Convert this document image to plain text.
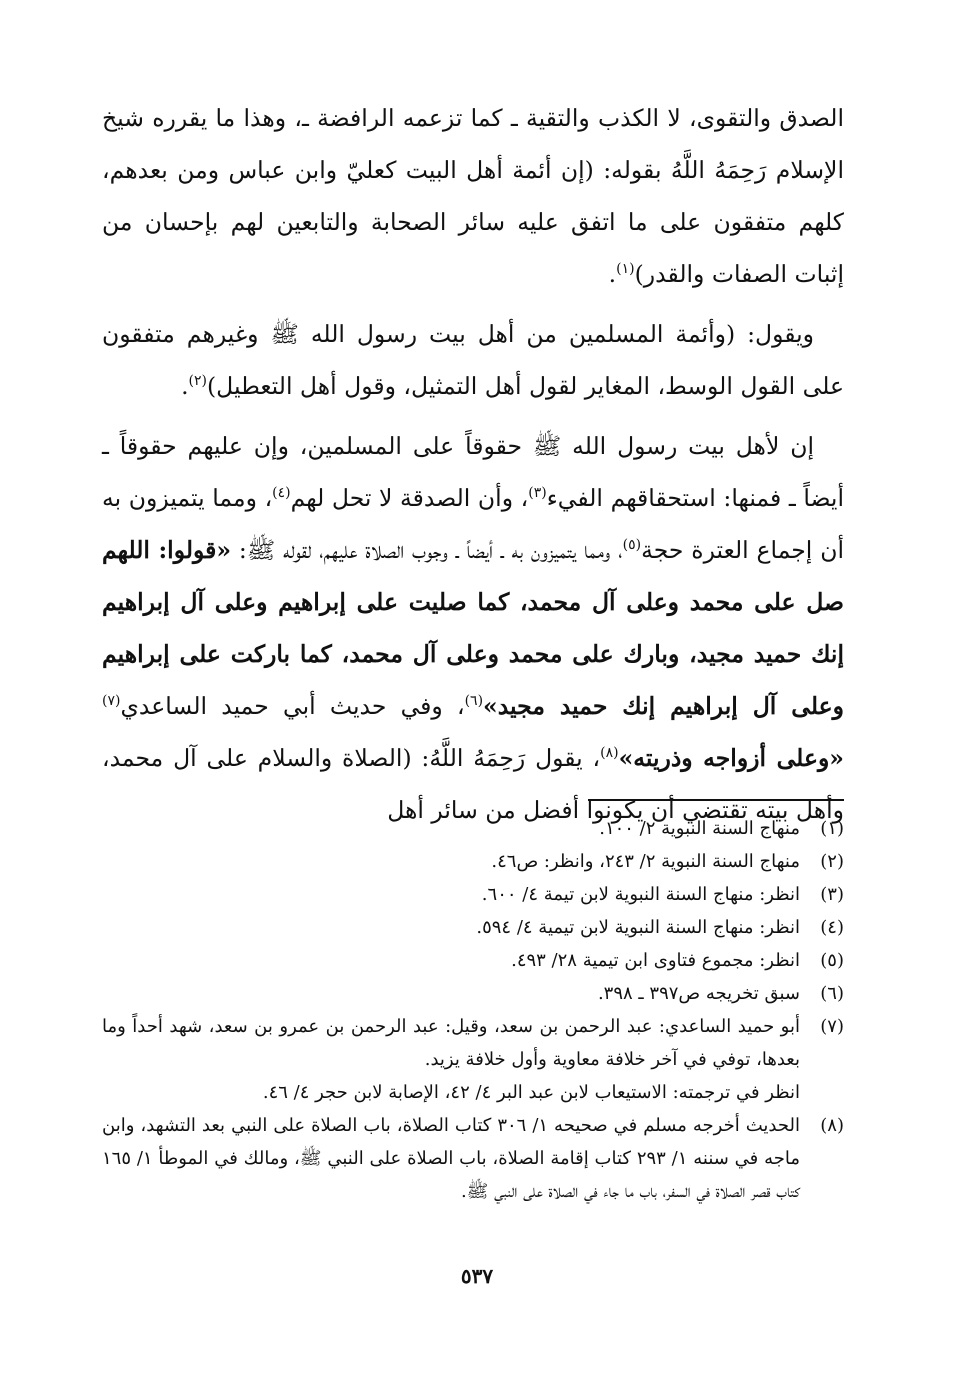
الصدق والتقوى، لا الكذب والتقية ـ كما تزعمه الرافضة ـ، وهذا ما يقرره شيخ الإسلام رَحِمَهُ اللَّهُ بقوله: (إن أئمة أهل البيت كعليّ وابن عباس ومن بعدهم، كلهم متفقون على ما اتفق عليه سائر الصحابة والتابعين لهم بإحسان من إثبات الصفات والقدر)$^{(١)}$.

ويقول: (وأئمة المسلمين من أهل بيت رسول الله ﷺ وغيرهم متفقون على القول الوسط، المغاير لقول أهل التمثيل، وقول أهل التعطيل)$^{(٢)}$.

إن لأهل بيت رسول الله ﷺ حقوقاً على المسلمين، وإن عليهم حقوقاً ـ أيضاً ـ فمنها: استحقاقهم الفيء$^{(٣)}$، وأن الصدقة لا تحل لهم$^{(٤)}$، ومما يتميزون به أن إجماع العترة حجة$^{(٥)}$، ومما يتميزون به ـ أيضاً ـ وجوب الصلاة عليهم، لقوله ﷺ: «قولوا: اللهم صل على محمد وعلى آل محمد، كما صليت على إبراهيم وعلى آل إبراهيم إنك حميد مجيد، وبارك على محمد وعلى آل محمد، كما باركت على إبراهيم وعلى آل إبراهيم إنك حميد مجيد»$^{(٦)}$، وفي حديث أبي حميد الساعدي$^{(٧)}$ «وعلى أزواجه وذريته»$^{(٨)}$، يقول رَحِمَهُ اللَّهُ: (الصلاة والسلام على آل محمد، وأهل بيته تقتضي أن يكونوا أفضل من سائر أهل

(١)
منهاج السنة النبوية ٢/ ١٠٠.
(٢)
منهاج السنة النبوية ٢/ ٢٤٣، وانظر: ص٤٦.
(٣)
انظر: منهاج السنة النبوية لابن تيمة ٤/ ٦٠٠.
(٤)
انظر: منهاج السنة النبوية لابن تيمية ٤/ ٥٩٤.
(٥)
انظر: مجموع فتاوى ابن تيمية ٢٨/ ٤٩٣.
(٦)
سبق تخريجه ص٣٩٧ ـ ٣٩٨.
(٧)
أبو حميد الساعدي: عبد الرحمن بن سعد، وقيل: عبد الرحمن بن عمرو بن سعد، شهد أحداً وما بعدها، توفي في آخر خلافة معاوية وأول خلافة يزيد.
انظر في ترجمته: الاستيعاب لابن عبد البر ٤/ ٤٢، الإصابة لابن حجر ٤/ ٤٦.
(٨)
الحديث أخرجه مسلم في صحيحه ١/ ٣٠٦ كتاب الصلاة، باب الصلاة على النبي بعد التشهد، وابن ماجه في سننه ١/ ٢٩٣ كتاب إقامة الصلاة، باب الصلاة على النبي ﷺ، ومالك في الموطأ ١/ ١٦٥ كتاب قصر الصلاة في السفر، باب ما جاء في الصلاة على النبي ﷺ.
٥٣٧
